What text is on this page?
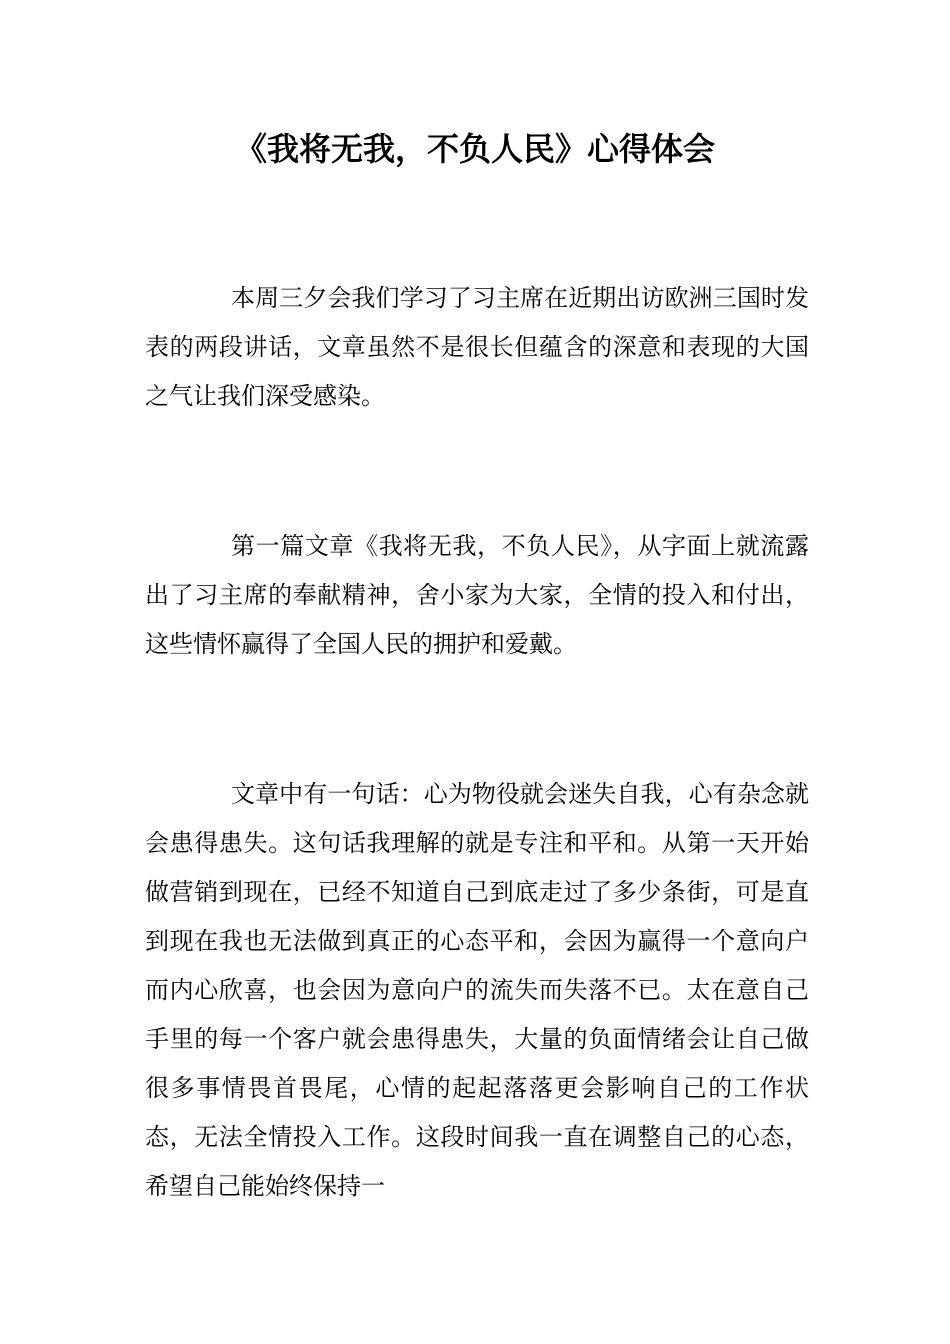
《我将无我，不负人民》心得体会

本周三夕会我们学习了习主席在近期出访欧洲三国时发表的两段讲话，文章虽然不是很长但蕴含的深意和表现的大国之气让我们深受感染。

第一篇文章《我将无我，不负人民》，从字面上就流露出了习主席的奉献精神，舍小家为大家，全情的投入和付出，这些情怀赢得了全国人民的拥护和爱戴。

文章中有一句话：心为物役就会迷失自我，心有杂念就会患得患失。这句话我理解的就是专注和平和。从第一天开始做营销到现在，已经不知道自己到底走过了多少条街，可是直到现在我也无法做到真正的心态平和，会因为赢得一个意向户而内心欣喜，也会因为意向户的流失而失落不已。太在意自己手里的每一个客户就会患得患失，大量的负面情绪会让自己做很多事情畏首畏尾，心情的起起落落更会影响自己的工作状态，无法全情投入工作。这段时间我一直在调整自己的心态，希望自己能始终保持一
